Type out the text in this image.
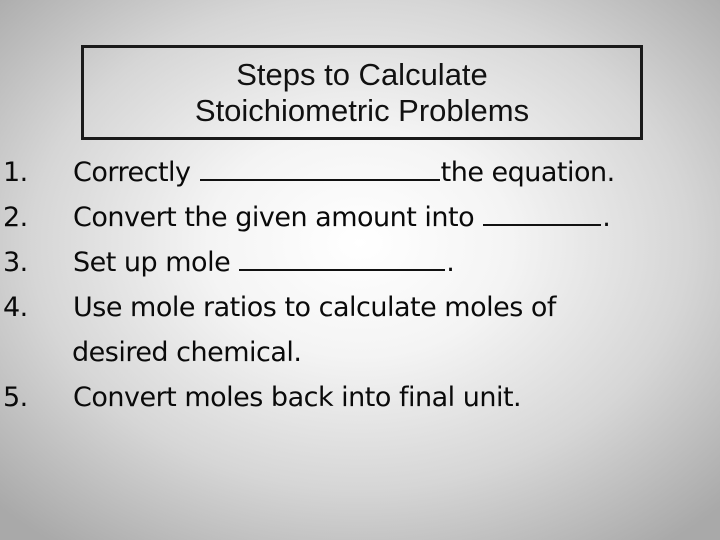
Steps to Calculate
Stoichiometric Problems
1. Correctly	the equation.
2. Convert the given amount into	.
3. Set up mole	.
4. Use mole ratios to calculate moles of
desired chemical.
5. Convert moles back into final unit.
